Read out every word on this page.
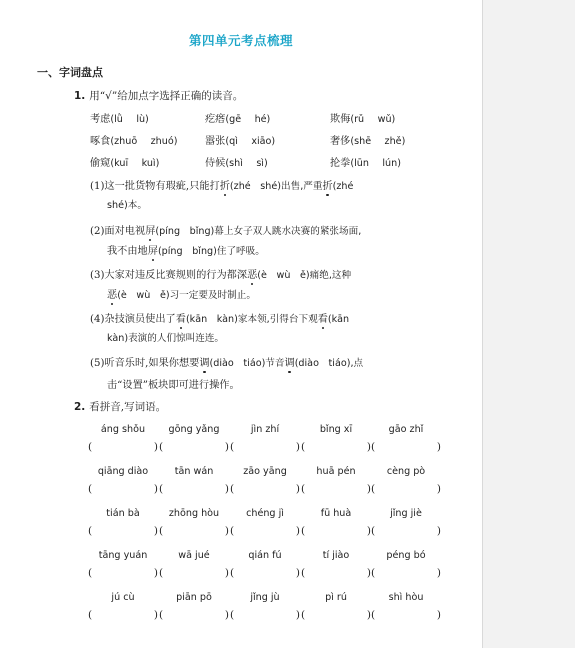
第四单元考点梳理
一、字词盘点
1. 用“√”给加点字选择正确的读音。
考虑(lǜ　 lù)	疙瘩(gē　 hé)	欺侮(rǔ　 wǔ)
啄食(zhuō　 zhuó)	嚣张(qì　 xiāo)	奢侈(shē　 zhě)
偷窥(kuī　 kuì)	侍候(shì　 sì)	抡拳(lūn　 lún)
(1)这一批货物有瑕疵,只能打折(zhé　shé)出售,严重折(zhé
shé)本。
(2)面对电视屏(píng　bǐng)幕上女子双人跳水决赛的紧张场面,
我不由地屏(píng　bǐng)住了呼吸。
(3)大家对违反比赛规则的行为都深恶(è　wù　ě)痛绝,这种
恶(è　wù　ě)习一定要及时制止。
(4)杂技演员使出了看(kān　kàn)家本领,引得台下观看(kān
kàn)表演的人们惊叫连连。
(5)听音乐时,如果你想要调(diào　tiáo)节音调(diào　tiáo),点
击“设置”板块即可进行操作。
2. 看拼音,写词语。
áng shǒu	gōng yǎng	jìn zhí	bǐng xī	gāo zhǐ
(	) (	) (	) (	) (	)
qiāng diào	tān wán	zāo yāng	huā pén	cèng pò
(	) (	) (	) (	) (	)
tián bà	zhōng hòu	chéng jì	fū huà	jǐng jiè
(	) (	) (	) (	) (	)
tāng yuán	wā jué	qián fú	tí jiào	péng bó
(	) (	) (	) (	) (	)
jú cù	piān pō	jǐng jù	pì rú	shì hòu
(	) (	) (	) (	) (	)
